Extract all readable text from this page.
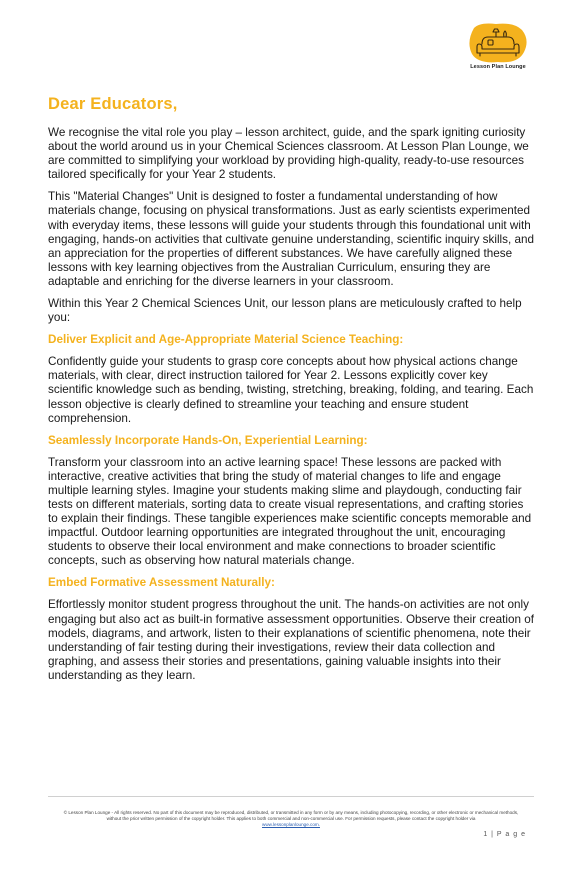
Lesson Plan Lounge
Dear Educators,

We recognise the vital role you play – lesson architect, guide, and the spark igniting curiosity about the world around us in your Chemical Sciences classroom. At Lesson Plan Lounge, we are committed to simplifying your workload by providing high-quality, ready-to-use resources tailored specifically for your Year 2 students.

This "Material Changes" Unit is designed to foster a fundamental understanding of how materials change, focusing on physical transformations. Just as early scientists experimented with everyday items, these lessons will guide your students through this foundational unit with engaging, hands-on activities that cultivate genuine understanding, scientific inquiry skills, and an appreciation for the properties of different substances. We have carefully aligned these lessons with key learning objectives from the Australian Curriculum, ensuring they are adaptable and enriching for the diverse learners in your classroom.

Within this Year 2 Chemical Sciences Unit, our lesson plans are meticulously crafted to help you:

Deliver Explicit and Age-Appropriate Material Science Teaching:

Confidently guide your students to grasp core concepts about how physical actions change materials, with clear, direct instruction tailored for Year 2. Lessons explicitly cover key scientific knowledge such as bending, twisting, stretching, breaking, folding, and tearing. Each lesson objective is clearly defined to streamline your teaching and ensure student comprehension.

Seamlessly Incorporate Hands-On, Experiential Learning:

Transform your classroom into an active learning space! These lessons are packed with interactive, creative activities that bring the study of material changes to life and engage multiple learning styles. Imagine your students making slime and playdough, conducting fair tests on different materials, sorting data to create visual representations, and crafting stories to explain their findings. These tangible experiences make scientific concepts memorable and impactful. Outdoor learning opportunities are integrated throughout the unit, encouraging students to observe their local environment and make connections to broader scientific concepts, such as observing how natural materials change.

Embed Formative Assessment Naturally:

Effortlessly monitor student progress throughout the unit. The hands-on activities are not only engaging but also act as built-in formative assessment opportunities. Observe their creation of models, diagrams, and artwork, listen to their explanations of scientific phenomena, note their understanding of fair testing during their investigations, review their data collection and graphing, and assess their stories and presentations, gaining valuable insights into their understanding as they learn.

© Lesson Plan Lounge - All rights reserved. No part of this document may be reproduced, distributed, or transmitted in any form or by any means, including photocopying, recording, or other electronic or mechanical methods, without the prior written permission of the copyright holder. This applies to both commercial and non-commercial use. For permission requests, please contact the copyright holder via
www.lessonplanlounge.com.
1 | P a g e
